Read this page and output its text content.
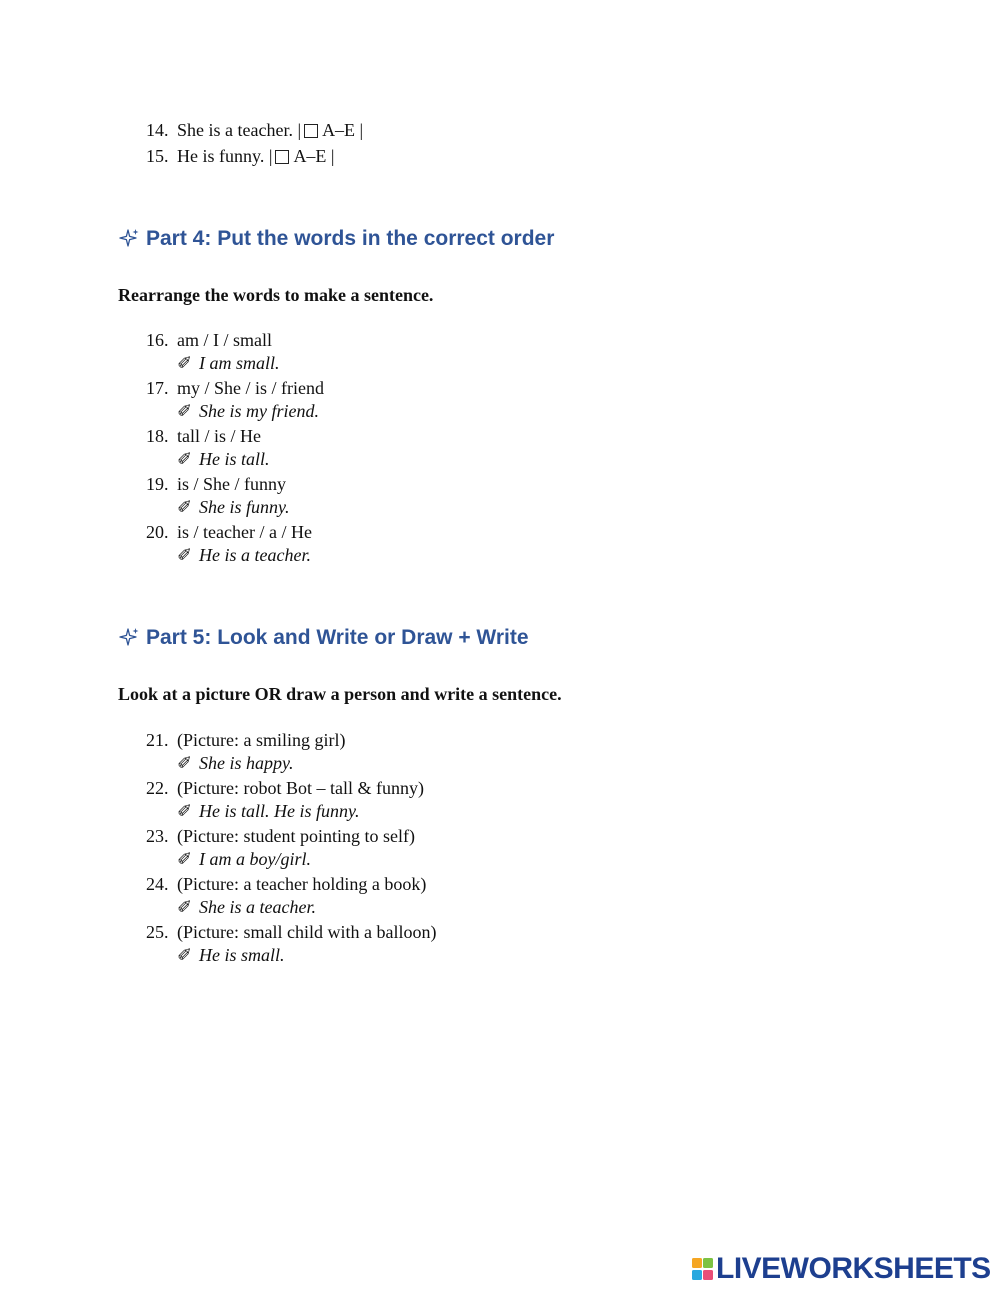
14. She is a teacher. | A–E |
15. He is funny. | A–E |
Part 4: Put the words in the correct order
Rearrange the words to make a sentence.
16. am / I / small
✐ I am small.
17. my / She / is / friend
✐ She is my friend.
18. tall / is / He
✐ He is tall.
19. is / She / funny
✐ She is funny.
20. is / teacher / a / He
✐ He is a teacher.
Part 5: Look and Write or Draw + Write
Look at a picture OR draw a person and write a sentence.
21. (Picture: a smiling girl)
✐ She is happy.
22. (Picture: robot Bot – tall & funny)
✐ He is tall. He is funny.
23. (Picture: student pointing to self)
✐ I am a boy/girl.
24. (Picture: a teacher holding a book)
✐ She is a teacher.
25. (Picture: small child with a balloon)
✐ He is small.
LIVEWORKSHEETS
